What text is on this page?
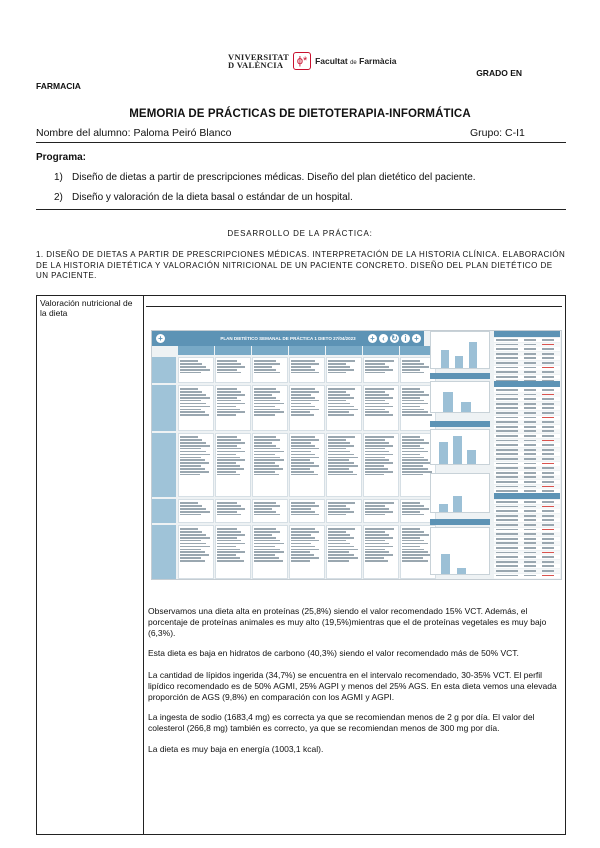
VNIVERSITAT
D VALÈNCIA	ϕ* Facultat de Farmàcia
GRADO EN
FARMACIA
MEMORIA DE PRÁCTICAS DE DIETOTERAPIA-INFORMÁTICA
Nombre del alumno: Paloma Peiró Blanco	Grupo: C-I1
Programa:
1) Diseño de dietas a partir de prescripciones médicas. Diseño del plan dietético del paciente.
2) Diseño y valoración de la dieta basal o estándar de un hospital.
DESARROLLO DE LA PRÁCTICA:
1. DISEÑO DE DIETAS A PARTIR DE PRESCRIPCIONES MÉDICAS. INTERPRETACIÓN DE LA HISTORIA CLÍNICA. ELABORACIÓN DE LA HISTORIA DIETÉTICA Y VALORACIÓN NITRICIONAL DE UN PACIENTE CONCRETO. DISEÑO DEL PLAN DIETÉTICO DE UN PACIENTE.
Valoración nutricional de la dieta
PLAN DIETÉTICO SEMANAL DE PRÁCTICA 1 DIETO 27/04/2023
+	+ ‹ ↻ i +
Observamos una dieta alta en proteínas (25,8%) siendo el valor recomendado 15% VCT. Además, el porcentaje de proteínas animales es muy alto (19,5%)mientras que el de proteínas vegetales es muy bajo (6,3%).
Esta dieta es baja en hidratos de carbono (40,3%) siendo el valor recomendado más de 50% VCT.
La cantidad de lípidos ingerida (34,7%) se encuentra en el intervalo recomendado, 30-35% VCT. El perfil lipídico recomendado es de 50% AGMI, 25% AGPI y menos del 25% AGS. En esta dieta vemos una elevada proporción de AGS (9,8%) en comparación con los AGMI y AGPI.
La ingesta de sodio (1683,4 mg) es correcta ya que se recomiendan menos de 2 g por día. El valor del colesterol (266,8 mg) también es correcto, ya que se recomiendan menos de 300 mg por día.
La dieta es muy baja en energía (1003,1 kcal).
